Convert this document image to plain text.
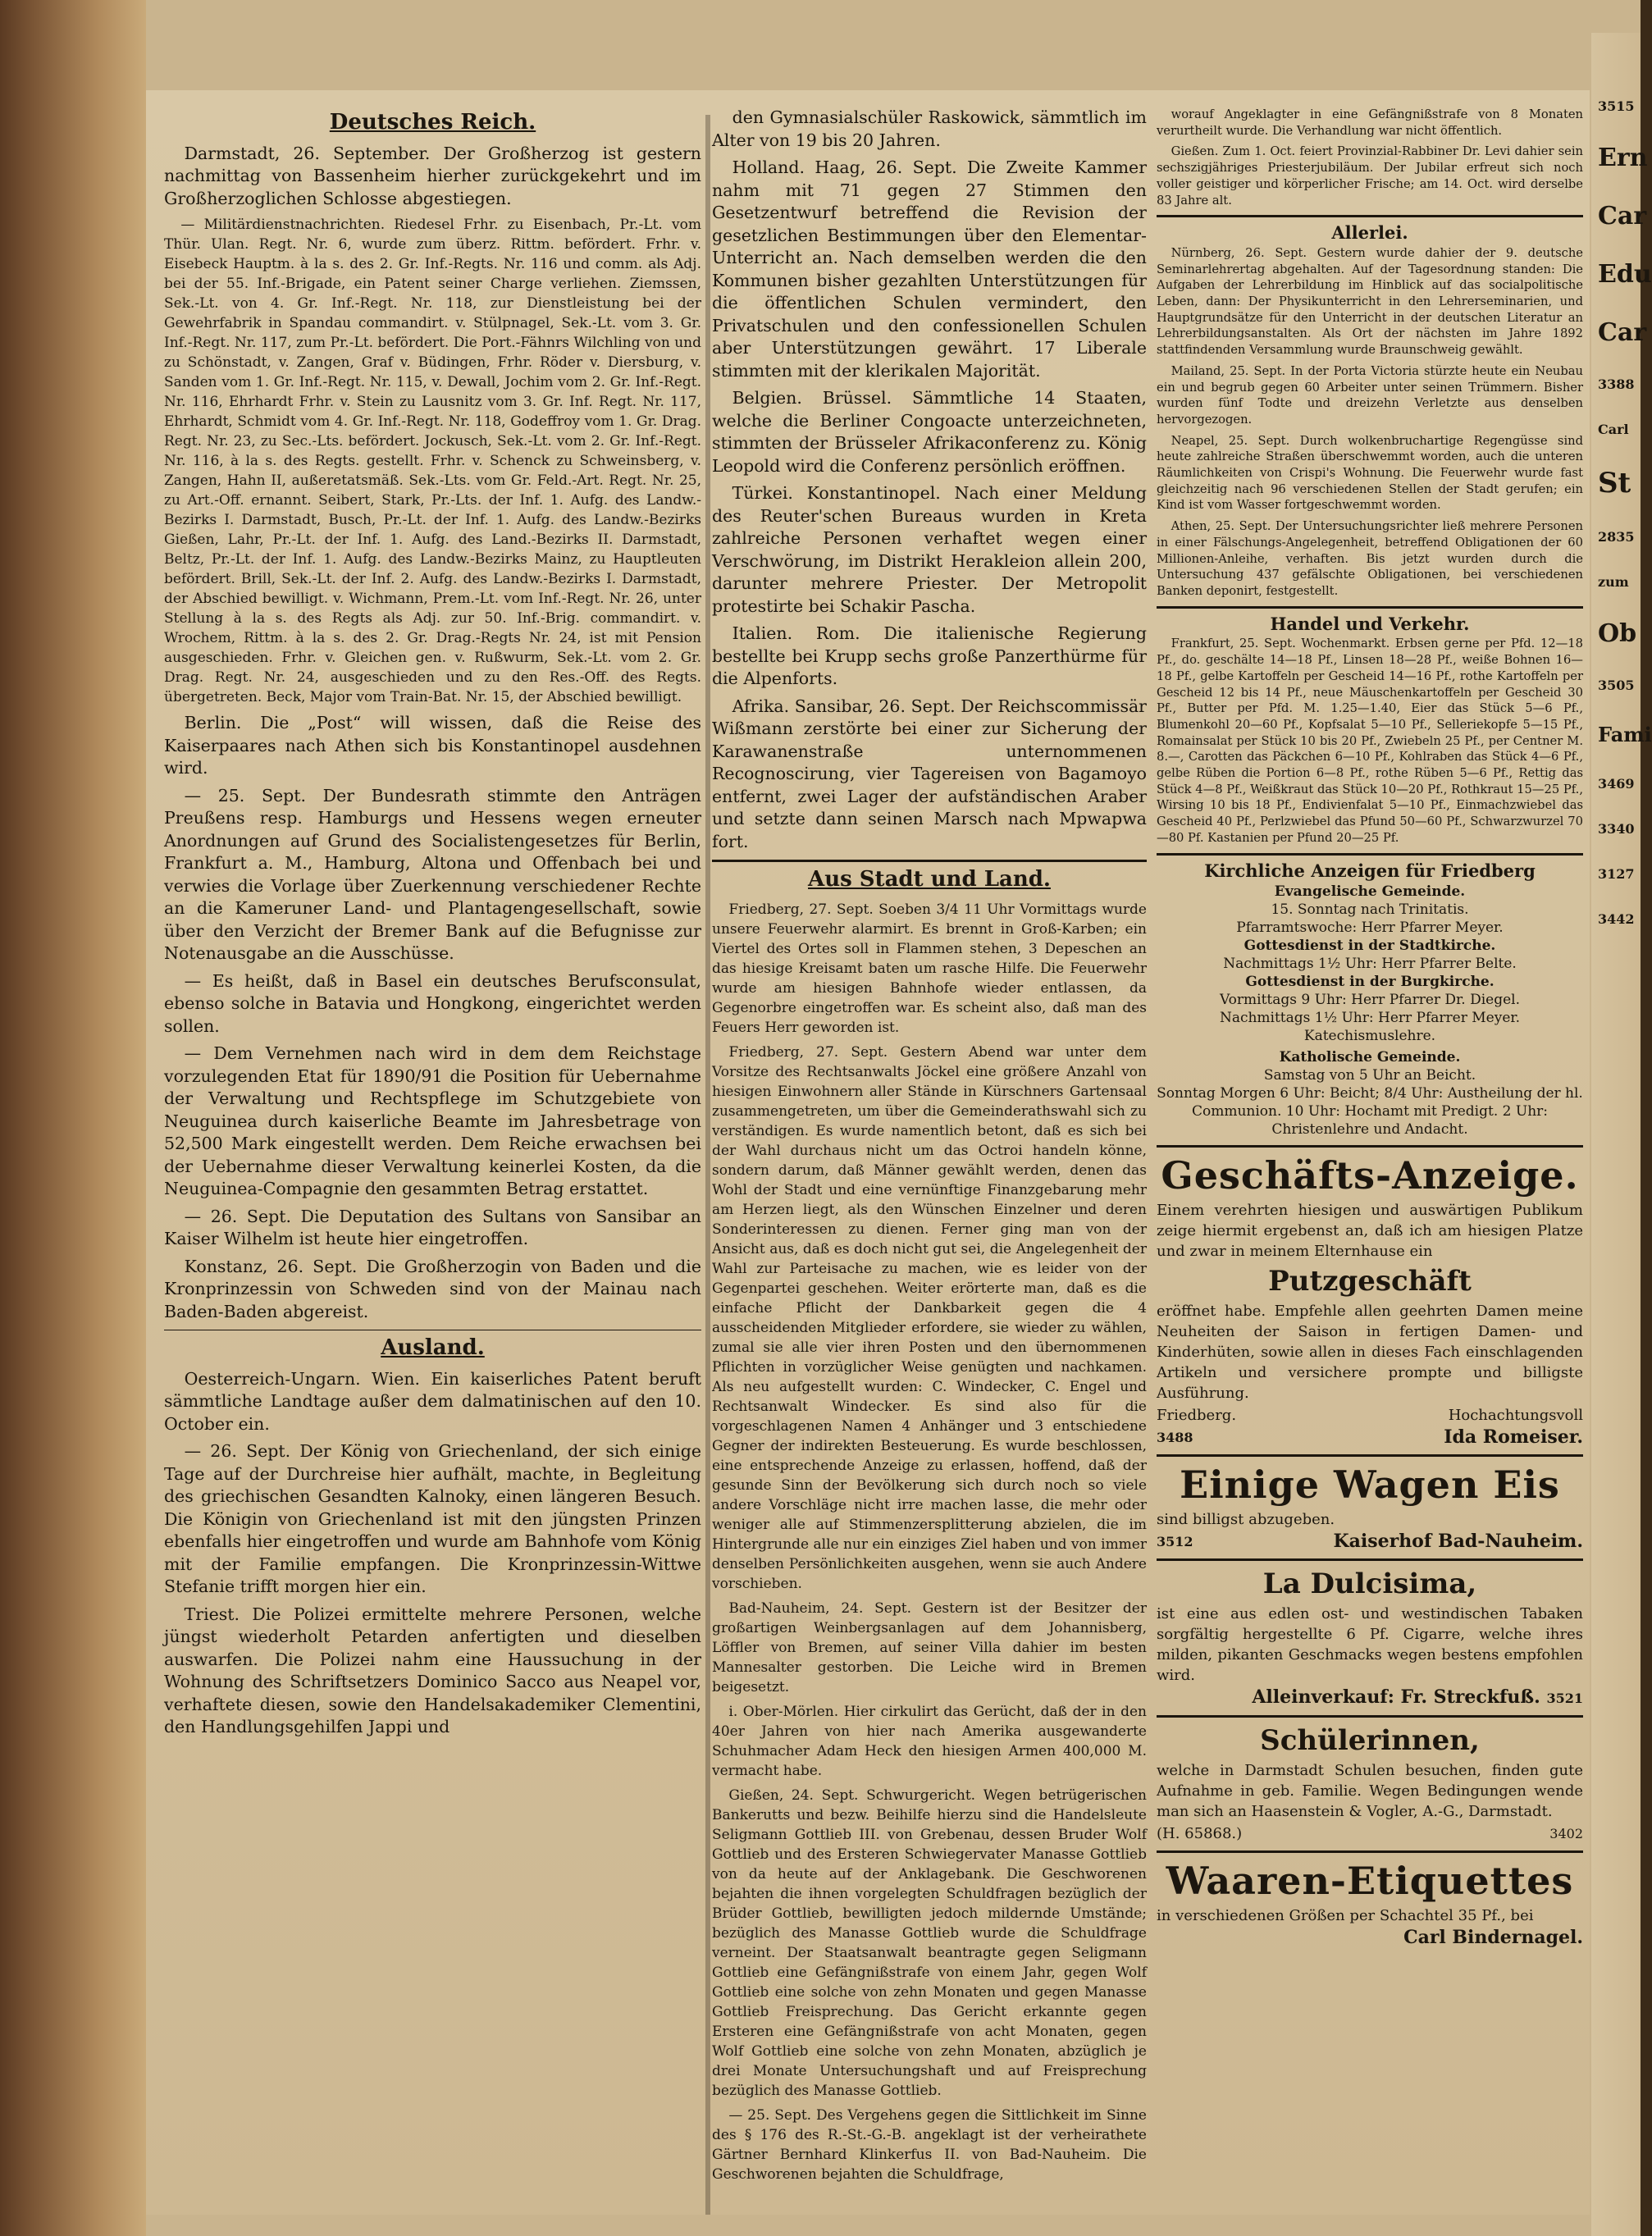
Deutsches Reich.

Darmstadt, 26. September. Der Großherzog ist gestern nachmittag von Bassenheim hierher zurückgekehrt und im Großherzoglichen Schlosse abgestiegen.

— Militärdienstnachrichten. Riedesel Frhr. zu Eisenbach, Pr.-Lt. vom Thür. Ulan. Regt. Nr. 6, wurde zum überz. Rittm. befördert. Frhr. v. Eisebeck Hauptm. à la s. des 2. Gr. Inf.-Regts. Nr. 116 und comm. als Adj. bei der 55. Inf.-Brigade, ein Patent seiner Charge verliehen. Ziemssen, Sek.-Lt. von 4. Gr. Inf.-Regt. Nr. 118, zur Dienstleistung bei der Gewehrfabrik in Spandau commandirt. v. Stülpnagel, Sek.-Lt. vom 3. Gr. Inf.-Regt. Nr. 117, zum Pr.-Lt. befördert. Die Port.-Fähnrs Wilchling von und zu Schönstadt, v. Zangen, Graf v. Büdingen, Frhr. Röder v. Diersburg, v. Sanden vom 1. Gr. Inf.-Regt. Nr. 115, v. Dewall, Jochim vom 2. Gr. Inf.-Regt. Nr. 116, Ehrhardt Frhr. v. Stein zu Lausnitz vom 3. Gr. Inf. Regt. Nr. 117, Ehrhardt, Schmidt vom 4. Gr. Inf.-Regt. Nr. 118, Godeffroy vom 1. Gr. Drag. Regt. Nr. 23, zu Sec.-Lts. befördert. Jockusch, Sek.-Lt. vom 2. Gr. Inf.-Regt. Nr. 116, à la s. des Regts. gestellt. Frhr. v. Schenck zu Schweinsberg, v. Zangen, Hahn II, außeretatsmäß. Sek.-Lts. vom Gr. Feld.-Art. Regt. Nr. 25, zu Art.-Off. ernannt. Seibert, Stark, Pr.-Lts. der Inf. 1. Aufg. des Landw.-Bezirks I. Darmstadt, Busch, Pr.-Lt. der Inf. 1. Aufg. des Landw.-Bezirks Gießen, Lahr, Pr.-Lt. der Inf. 1. Aufg. des Land.-Bezirks II. Darmstadt, Beltz, Pr.-Lt. der Inf. 1. Aufg. des Landw.-Bezirks Mainz, zu Hauptleuten befördert. Brill, Sek.-Lt. der Inf. 2. Aufg. des Landw.-Bezirks I. Darmstadt, der Abschied bewilligt. v. Wichmann, Prem.-Lt. vom Inf.-Regt. Nr. 26, unter Stellung à la s. des Regts als Adj. zur 50. Inf.-Brig. commandirt. v. Wrochem, Rittm. à la s. des 2. Gr. Drag.-Regts Nr. 24, ist mit Pension ausgeschieden. Frhr. v. Gleichen gen. v. Rußwurm, Sek.-Lt. vom 2. Gr. Drag. Regt. Nr. 24, ausgeschieden und zu den Res.-Off. des Regts. übergetreten. Beck, Major vom Train-Bat. Nr. 15, der Abschied bewilligt.

Berlin. Die „Post“ will wissen, daß die Reise des Kaiserpaares nach Athen sich bis Konstantinopel ausdehnen wird.

— 25. Sept. Der Bundesrath stimmte den Anträgen Preußens resp. Hamburgs und Hessens wegen erneuter Anordnungen auf Grund des Socialistengesetzes für Berlin, Frankfurt a. M., Hamburg, Altona und Offenbach bei und verwies die Vorlage über Zuerkennung verschiedener Rechte an die Kameruner Land- und Plantagengesellschaft, sowie über den Verzicht der Bremer Bank auf die Befugnisse zur Notenausgabe an die Ausschüsse.

— Es heißt, daß in Basel ein deutsches Berufsconsulat, ebenso solche in Batavia und Hongkong, eingerichtet werden sollen.

— Dem Vernehmen nach wird in dem dem Reichstage vorzulegenden Etat für 1890/91 die Position für Uebernahme der Verwaltung und Rechtspflege im Schutzgebiete von Neuguinea durch kaiserliche Beamte im Jahresbetrage von 52,500 Mark eingestellt werden. Dem Reiche erwachsen bei der Uebernahme dieser Verwaltung keinerlei Kosten, da die Neuguinea-Compagnie den gesammten Betrag erstattet.

— 26. Sept. Die Deputation des Sultans von Sansibar an Kaiser Wilhelm ist heute hier eingetroffen.

Konstanz, 26. Sept. Die Großherzogin von Baden und die Kronprinzessin von Schweden sind von der Mainau nach Baden-Baden abgereist.

Ausland.

Oesterreich-Ungarn. Wien. Ein kaiserliches Patent beruft sämmtliche Landtage außer dem dalmatinischen auf den 10. October ein.

— 26. Sept. Der König von Griechenland, der sich einige Tage auf der Durchreise hier aufhält, machte, in Begleitung des griechischen Gesandten Kalnoky, einen längeren Besuch. Die Königin von Griechenland ist mit den jüngsten Prinzen ebenfalls hier eingetroffen und wurde am Bahnhofe vom König mit der Familie empfangen. Die Kronprinzessin-Wittwe Stefanie trifft morgen hier ein.

Triest. Die Polizei ermittelte mehrere Personen, welche jüngst wiederholt Petarden anfertigten und dieselben auswarfen. Die Polizei nahm eine Haussuchung in der Wohnung des Schriftsetzers Dominico Sacco aus Neapel vor, verhaftete diesen, sowie den Handelsakademiker Clementini, den Handlungsgehilfen Jappi und

den Gymnasialschüler Raskowick, sämmtlich im Alter von 19 bis 20 Jahren.

Holland. Haag, 26. Sept. Die Zweite Kammer nahm mit 71 gegen 27 Stimmen den Gesetzentwurf betreffend die Revision der gesetzlichen Bestimmungen über den Elementar-Unterricht an. Nach demselben werden die den Kommunen bisher gezahlten Unterstützungen für die öffentlichen Schulen vermindert, den Privatschulen und den confessionellen Schulen aber Unterstützungen gewährt. 17 Liberale stimmten mit der klerikalen Majorität.

Belgien. Brüssel. Sämmtliche 14 Staaten, welche die Berliner Congoacte unterzeichneten, stimmten der Brüsseler Afrikaconferenz zu. König Leopold wird die Conferenz persönlich eröffnen.

Türkei. Konstantinopel. Nach einer Meldung des Reuter'schen Bureaus wurden in Kreta zahlreiche Personen verhaftet wegen einer Verschwörung, im Distrikt Herakleion allein 200, darunter mehrere Priester. Der Metropolit protestirte bei Schakir Pascha.

Italien. Rom. Die italienische Regierung bestellte bei Krupp sechs große Panzerthürme für die Alpenforts.

Afrika. Sansibar, 26. Sept. Der Reichscommissär Wißmann zerstörte bei einer zur Sicherung der Karawanenstraße unternommenen Recognoscirung, vier Tagereisen von Bagamoyo entfernt, zwei Lager der aufständischen Araber und setzte dann seinen Marsch nach Mpwapwa fort.

Aus Stadt und Land.

Friedberg, 27. Sept. Soeben 3/4 11 Uhr Vormittags wurde unsere Feuerwehr alarmirt. Es brennt in Groß-Karben; ein Viertel des Ortes soll in Flammen stehen, 3 Depeschen an das hiesige Kreisamt baten um rasche Hilfe. Die Feuerwehr wurde am hiesigen Bahnhofe wieder entlassen, da Gegenorbre eingetroffen war. Es scheint also, daß man des Feuers Herr geworden ist.

Friedberg, 27. Sept. Gestern Abend war unter dem Vorsitze des Rechtsanwalts Jöckel eine größere Anzahl von hiesigen Einwohnern aller Stände in Kürschners Gartensaal zusammengetreten, um über die Gemeinderathswahl sich zu verständigen. Es wurde namentlich betont, daß es sich bei der Wahl durchaus nicht um das Octroi handeln könne, sondern darum, daß Männer gewählt werden, denen das Wohl der Stadt und eine vernünftige Finanzgebarung mehr am Herzen liegt, als den Wünschen Einzelner und deren Sonderinteressen zu dienen. Ferner ging man von der Ansicht aus, daß es doch nicht gut sei, die Angelegenheit der Wahl zur Parteisache zu machen, wie es leider von der Gegenpartei geschehen. Weiter erörterte man, daß es die einfache Pflicht der Dankbarkeit gegen die 4 ausscheidenden Mitglieder erfordere, sie wieder zu wählen, zumal sie alle vier ihren Posten und den übernommenen Pflichten in vorzüglicher Weise genügten und nachkamen. Als neu aufgestellt wurden: C. Windecker, C. Engel und Rechtsanwalt Windecker. Es sind also für die vorgeschlagenen Namen 4 Anhänger und 3 entschiedene Gegner der indirekten Besteuerung. Es wurde beschlossen, eine entsprechende Anzeige zu erlassen, hoffend, daß der gesunde Sinn der Bevölkerung sich durch noch so viele andere Vorschläge nicht irre machen lasse, die mehr oder weniger alle auf Stimmenzersplitterung abzielen, die im Hintergrunde alle nur ein einziges Ziel haben und von immer denselben Persönlichkeiten ausgehen, wenn sie auch Andere vorschieben.

Bad-Nauheim, 24. Sept. Gestern ist der Besitzer der großartigen Weinbergsanlagen auf dem Johannisberg, Löffler von Bremen, auf seiner Villa dahier im besten Mannesalter gestorben. Die Leiche wird in Bremen beigesetzt.

i. Ober-Mörlen. Hier cirkulirt das Gerücht, daß der in den 40er Jahren von hier nach Amerika ausgewanderte Schuhmacher Adam Heck den hiesigen Armen 400,000 M. vermacht habe.

Gießen, 24. Sept. Schwurgericht. Wegen betrügerischen Bankerutts und bezw. Beihilfe hierzu sind die Handelsleute Seligmann Gottlieb III. von Grebenau, dessen Bruder Wolf Gottlieb und des Ersteren Schwiegervater Manasse Gottlieb von da heute auf der Anklagebank. Die Geschworenen bejahten die ihnen vorgelegten Schuldfragen bezüglich der Brüder Gottlieb, bewilligten jedoch mildernde Umstände; bezüglich des Manasse Gottlieb wurde die Schuldfrage verneint. Der Staatsanwalt beantragte gegen Seligmann Gottlieb eine Gefängnißstrafe von einem Jahr, gegen Wolf Gottlieb eine solche von zehn Monaten und gegen Manasse Gottlieb Freisprechung. Das Gericht erkannte gegen Ersteren eine Gefängnißstrafe von acht Monaten, gegen Wolf Gottlieb eine solche von zehn Monaten, abzüglich je drei Monate Untersuchungshaft und auf Freisprechung bezüglich des Manasse Gottlieb.

— 25. Sept. Des Vergehens gegen die Sittlichkeit im Sinne des § 176 des R.-St.-G.-B. angeklagt ist der verheirathete Gärtner Bernhard Klinkerfus II. von Bad-Nauheim. Die Geschworenen bejahten die Schuldfrage,

worauf Angeklagter in eine Gefängnißstrafe von 8 Monaten verurtheilt wurde. Die Verhandlung war nicht öffentlich.

Gießen. Zum 1. Oct. feiert Provinzial-Rabbiner Dr. Levi dahier sein sechszigjähriges Priesterjubiläum. Der Jubilar erfreut sich noch voller geistiger und körperlicher Frische; am 14. Oct. wird derselbe 83 Jahre alt.

Allerlei.

Nürnberg, 26. Sept. Gestern wurde dahier der 9. deutsche Seminarlehrertag abgehalten. Auf der Tagesordnung standen: Die Aufgaben der Lehrerbildung im Hinblick auf das socialpolitische Leben, dann: Der Physikunterricht in den Lehrerseminarien, und Hauptgrundsätze für den Unterricht in der deutschen Literatur an Lehrerbildungsanstalten. Als Ort der nächsten im Jahre 1892 stattfindenden Versammlung wurde Braunschweig gewählt.

Mailand, 25. Sept. In der Porta Victoria stürzte heute ein Neubau ein und begrub gegen 60 Arbeiter unter seinen Trümmern. Bisher wurden fünf Todte und dreizehn Verletzte aus denselben hervorgezogen.

Neapel, 25. Sept. Durch wolkenbruchartige Regengüsse sind heute zahlreiche Straßen überschwemmt worden, auch die unteren Räumlichkeiten von Crispi's Wohnung. Die Feuerwehr wurde fast gleichzeitig nach 96 verschiedenen Stellen der Stadt gerufen; ein Kind ist vom Wasser fortgeschwemmt worden.

Athen, 25. Sept. Der Untersuchungsrichter ließ mehrere Personen in einer Fälschungs-Angelegenheit, betreffend Obligationen der 60 Millionen-Anleihe, verhaften. Bis jetzt wurden durch die Untersuchung 437 gefälschte Obligationen, bei verschiedenen Banken deponirt, festgestellt.

Handel und Verkehr.

Frankfurt, 25. Sept. Wochenmarkt. Erbsen gerne per Pfd. 12—18 Pf., do. geschälte 14—18 Pf., Linsen 18—28 Pf., weiße Bohnen 16—18 Pf., gelbe Kartoffeln per Gescheid 14—16 Pf., rothe Kartoffeln per Gescheid 12 bis 14 Pf., neue Mäuschenkartoffeln per Gescheid 30 Pf., Butter per Pfd. M. 1.25—1.40, Eier das Stück 5—6 Pf., Blumenkohl 20—60 Pf., Kopfsalat 5—10 Pf., Selleriekopfe 5—15 Pf., Romainsalat per Stück 10 bis 20 Pf., Zwiebeln 25 Pf., per Centner M. 8.—, Carotten das Päckchen 6—10 Pf., Kohlraben das Stück 4—6 Pf., gelbe Rüben die Portion 6—8 Pf., rothe Rüben 5—6 Pf., Rettig das Stück 4—8 Pf., Weißkraut das Stück 10—20 Pf., Rothkraut 15—25 Pf., Wirsing 10 bis 18 Pf., Endivienfalat 5—10 Pf., Einmachzwiebel das Gescheid 40 Pf., Perlzwiebel das Pfund 50—60 Pf., Schwarzwurzel 70—80 Pf. Kastanien per Pfund 20—25 Pf.

Kirchliche Anzeigen für Friedberg
Evangelische Gemeinde.
15. Sonntag nach Trinitatis.
Pfarramtswoche: Herr Pfarrer Meyer.
Gottesdienst in der Stadtkirche.
Nachmittags 1½ Uhr: Herr Pfarrer Belte.
Gottesdienst in der Burgkirche.
Vormittags 9 Uhr: Herr Pfarrer Dr. Diegel.
Nachmittags 1½ Uhr: Herr Pfarrer Meyer.
Katechismuslehre.
Katholische Gemeinde.
Samstag von 5 Uhr an Beicht.
Sonntag Morgen 6 Uhr: Beicht; 8/4 Uhr: Austheilung der hl. Communion. 10 Uhr: Hochamt mit Predigt. 2 Uhr: Christenlehre und Andacht.
Geschäfts-Anzeige.

Einem verehrten hiesigen und auswärtigen Publikum zeige hiermit ergebenst an, daß ich am hiesigen Platze und zwar in meinem Elternhause ein

Putzgeschäft

eröffnet habe. Empfehle allen geehrten Damen meine Neuheiten der Saison in fertigen Damen- und Kinderhüten, sowie allen in dieses Fach einschlagenden Artikeln und versichere prompte und billigste Ausführung.

Friedberg.	Hochachtungsvoll

3488	Ida Romeiser.

Einige Wagen Eis

sind billigst abzugeben.

3512	Kaiserhof Bad-Nauheim.

La Dulcisima,

ist eine aus edlen ost- und westindischen Tabaken sorgfältig hergestellte 6 Pf. Cigarre, welche ihres milden, pikanten Geschmacks wegen bestens empfohlen wird.

Alleinverkauf: Fr. Streckfuß. 3521

Schülerinnen,

welche in Darmstadt Schulen besuchen, finden gute Aufnahme in geb. Familie. Wegen Bedingungen wende man sich an Haasenstein & Vogler, A.-G., Darmstadt.

(H. 65868.)	3402

Waaren-Etiquettes

in verschiedenen Größen per Schachtel 35 Pf., bei

Carl Bindernagel.

3515
Ern
Car
Edu
Car
3388
Carl
St
2835
zum
Ob
3505
Fami
3469
3340
3127
3442
